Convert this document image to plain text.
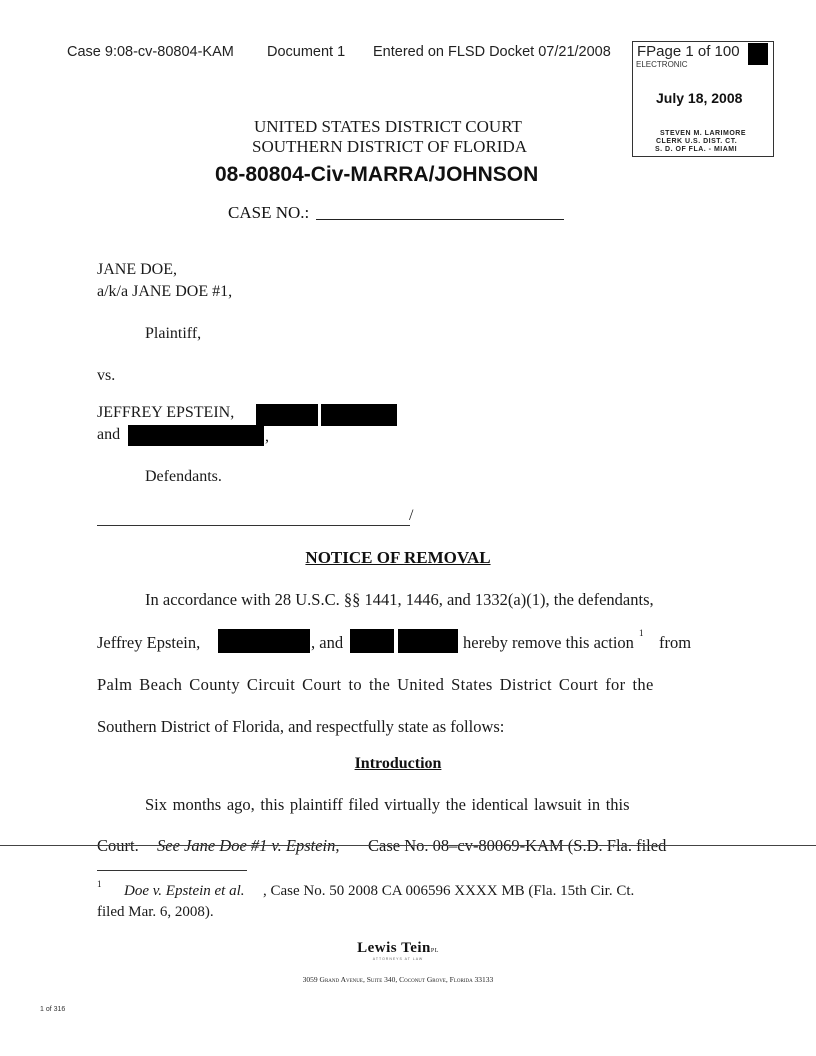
Case 9:08-cv-80804-KAM Document 1 Entered on FLSD Docket 07/21/2008 FPage 1 of 100
ELECTRONIC
July 18, 2008
STEVEN M. LARIMORE
CLERK U.S. DIST. CT.
S. D. OF FLA. - MIAMI
UNITED STATES DISTRICT COURT
SOUTHERN DISTRICT OF FLORIDA
08-80804-Civ-MARRA/JOHNSON
CASE NO.:
JANE DOE,
a/k/a JANE DOE #1,
Plaintiff,
vs.
JEFFREY EPSTEIN,
and	,
Defendants.
/
NOTICE OF REMOVAL
In accordance with 28 U.S.C. §§ 1441, 1446, and 1332(a)(1), the defendants,
Jeffrey Epstein,	, and	hereby remove this action 1 from
Palm Beach County Circuit Court to the United States District Court for the
Southern District of Florida, and respectfully state as follows:
Introduction
Six months ago, this plaintiff filed virtually the identical lawsuit in this
Court. See Jane Doe #1 v. Epstein, Case No. 08–cv-80069-KAM (S.D. Fla. filed
1 Doe v. Epstein et al. , Case No. 50 2008 CA 006596 XXXX MB (Fla. 15th Cir. Ct.
filed Mar. 6, 2008).
Lewis TeinPL
ATTORNEYS AT LAW
3059 Grand Avenue, Suite 340, Coconut Grove, Florida 33133
1 of 316
